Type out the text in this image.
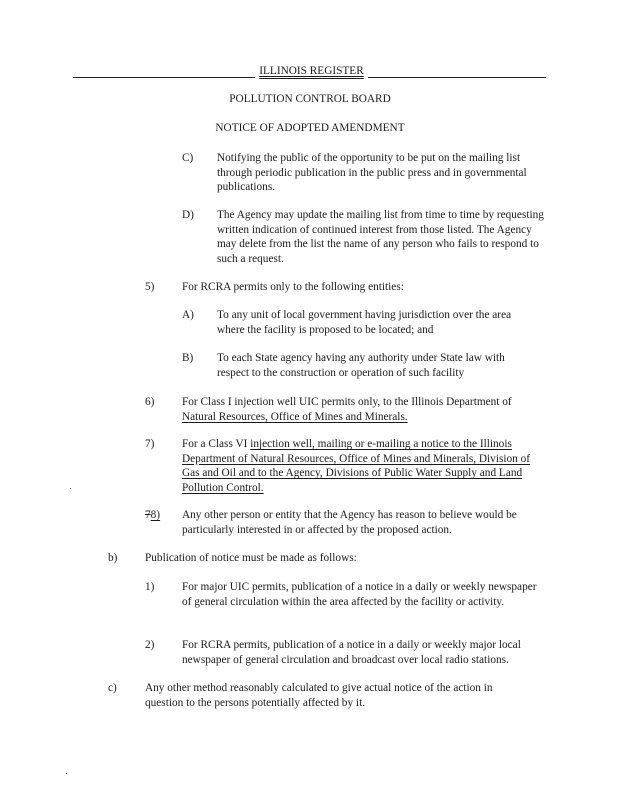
ILLINOIS REGISTER
POLLUTION CONTROL BOARD
NOTICE OF ADOPTED AMENDMENT
C) Notifying the public of the opportunity to be put on the mailing list through periodic publication in the public press and in governmental publications.

D) The Agency may update the mailing list from time to time by requesting written indication of continued interest from those listed. The Agency may delete from the list the name of any person who fails to respond to such a request.

5) For RCRA permits only to the following entities:

A) To any unit of local government having jurisdiction over the area where the facility is proposed to be located; and

B) To each State agency having any authority under State law with respect to the construction or operation of such facility

6) For Class I injection well UIC permits only, to the Illinois Department of Natural Resources, Office of Mines and Minerals.

7) For a Class VI injection well, mailing or e-mailing a notice to the Illinois Department of Natural Resources, Office of Mines and Minerals, Division of Gas and Oil and to the Agency, Divisions of Public Water Supply and Land Pollution Control.

78) Any other person or entity that the Agency has reason to believe would be particularly interested in or affected by the proposed action.

b) Publication of notice must be made as follows:

1) For major UIC permits, publication of a notice in a daily or weekly newspaper of general circulation within the area affected by the facility or activity.

2) For RCRA permits, publication of a notice in a daily or weekly major local newspaper of general circulation and broadcast over local radio stations.

c) Any other method reasonably calculated to give actual notice of the action in question to the persons potentially affected by it.
